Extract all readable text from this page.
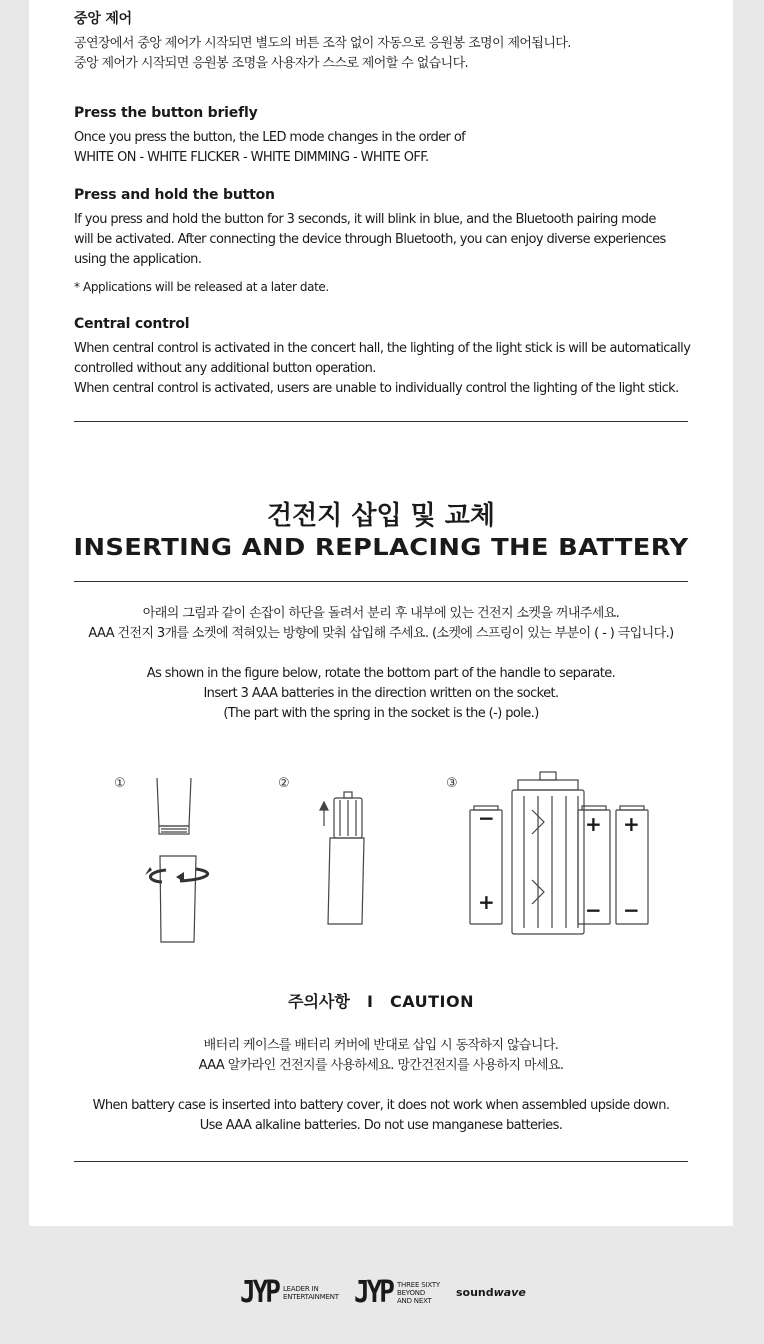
중앙 제어

공연장에서 중앙 제어가 시작되면 별도의 버튼 조작 없이 자동으로 응원봉 조명이 제어됩니다.

중앙 제어가 시작되면 응원봉 조명을 사용자가 스스로 제어할 수 없습니다.

Press the button briefly

Once you press the button, the LED mode changes in the order of

WHITE ON - WHITE FLICKER - WHITE DIMMING - WHITE OFF.

Press and hold the button

If you press and hold the button for 3 seconds, it will blink in blue, and the Bluetooth pairing mode

will be activated. After connecting the device through Bluetooth, you can enjoy diverse experiences

using the application.

* Applications will be released at a later date.

Central control

When central control is activated in the concert hall, the lighting of the light stick is will be automatically

controlled without any additional button operation.

When central control is activated, users are unable to individually control the lighting of the light stick.

건전지 삽입 및 교체
INSERTING AND REPLACING THE BATTERY

아래의 그림과 같이 손잡이 하단을 돌려서 분리 후 내부에 있는 건전지 소켓을 꺼내주세요.

AAA 건전지 3개를 소켓에 적혀있는 방향에 맞춰 삽입해 주세요. (소켓에 스프링이 있는 부분이 ( - ) 극입니다.)

As shown in the figure below, rotate the bottom part of the handle to separate.

Insert 3 AAA batteries in the direction written on the socket.

(The part with the spring in the socket is the (-) pole.)

①	②	③
−
+
+
−
+
−
주의사항 I CAUTION

배터리 케이스를 배터리 커버에 반대로 삽입 시 동작하지 않습니다.

AAA 알카라인 건전지를 사용하세요. 망간건전지를 사용하지 마세요.

When battery case is inserted into battery cover, it does not work when assembled upside down.

Use AAA alkaline batteries. Do not use manganese batteries.

JYP LEADER IN
ENTERTAINMENT JYP THREE SIXTY
BEYOND
AND NEXT
sound wave
